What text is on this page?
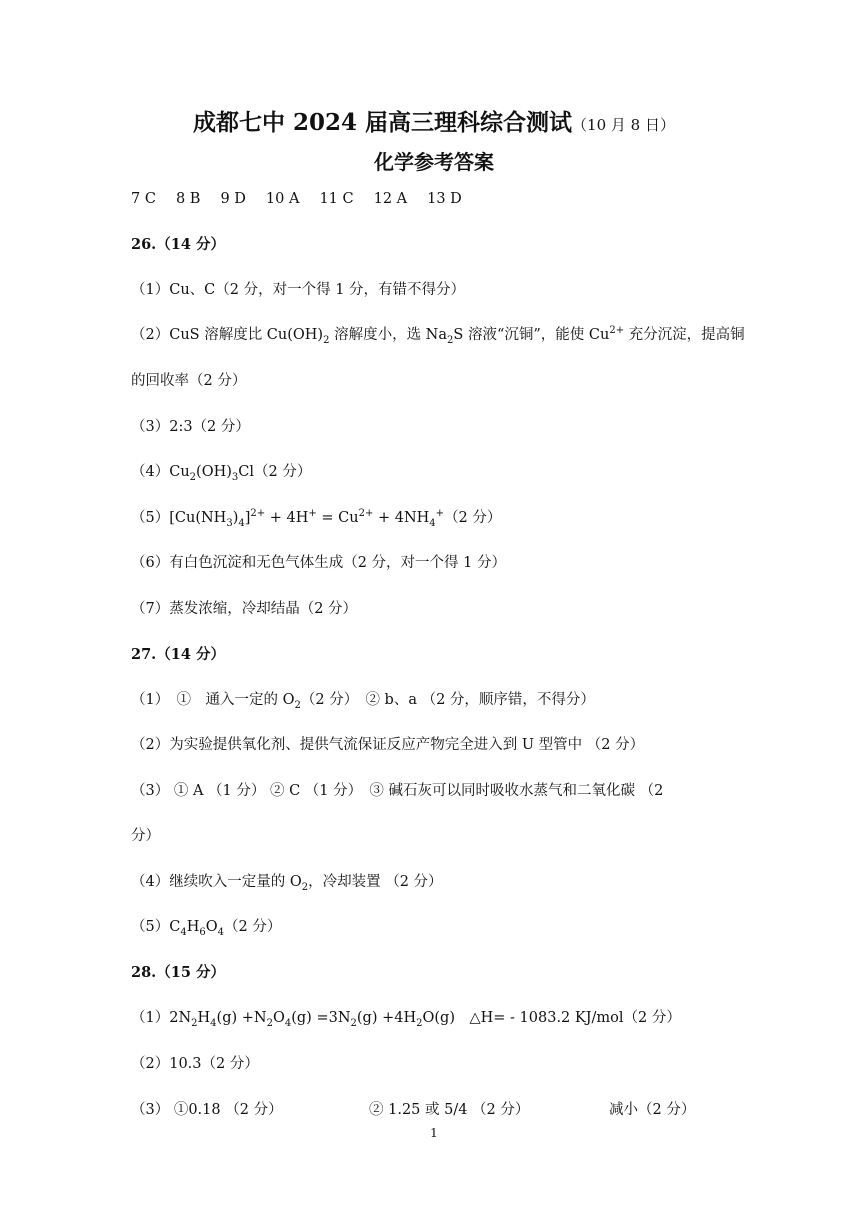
成都七中 2024 届高三理科综合测试（10 月 8 日）
化学参考答案
7 C 8 B 9 D 10 A 11 C 12 A 13 D
26.（14 分）
（1）Cu、C（2 分，对一个得 1 分，有错不得分）
（2）CuS 溶解度比 $Cu(OH)_2$ 溶解度小，选 $Na_2S$ 溶液“沉铜”，能使 $Cu^{2+}$ 充分沉淀，提高铜
的回收率（2 分）
（3）2:3（2 分）
$(4)Cu_2(OH)_3Cl(2$ 分）
$(5)[Cu(NH_3)_4]^{2+} + 4H^+ = Cu^{2+} + 4NH_4^+(2$ 分）
（6）有白色沉淀和无色气体生成（2 分，对一个得 1 分）
（7）蒸发浓缩，冷却结晶（2 分）
27.（14 分）
（1）　①　通入一定的 $O_2(2$ 分）　② b、a （2 分，顺序错，不得分）
（2）为实验提供氧化剂、提供气流保证反应产物完全进入到 U 型管中 （2 分）
（3） ① A （1 分） ② C （1 分）　③ 碱石灰可以同时吸收水蒸气和二氧化碳 （2
分）
（4）继续吹入一定量的 $O_2$，冷却装置 （2 分）
$(5)C_4H_6O_4(2$ 分）
28.（15 分）
$(1)2N_2H_4(g) +N_2O_4(g) =3N_2(g) +4H_2O(g)$　△H= - 1083.2 KJ/mol（2 分）
（2）10.3（2 分）
（3） ①0.18 （2 分）	② 1.25 或 5/4 （2 分）	减小（2 分）
1
